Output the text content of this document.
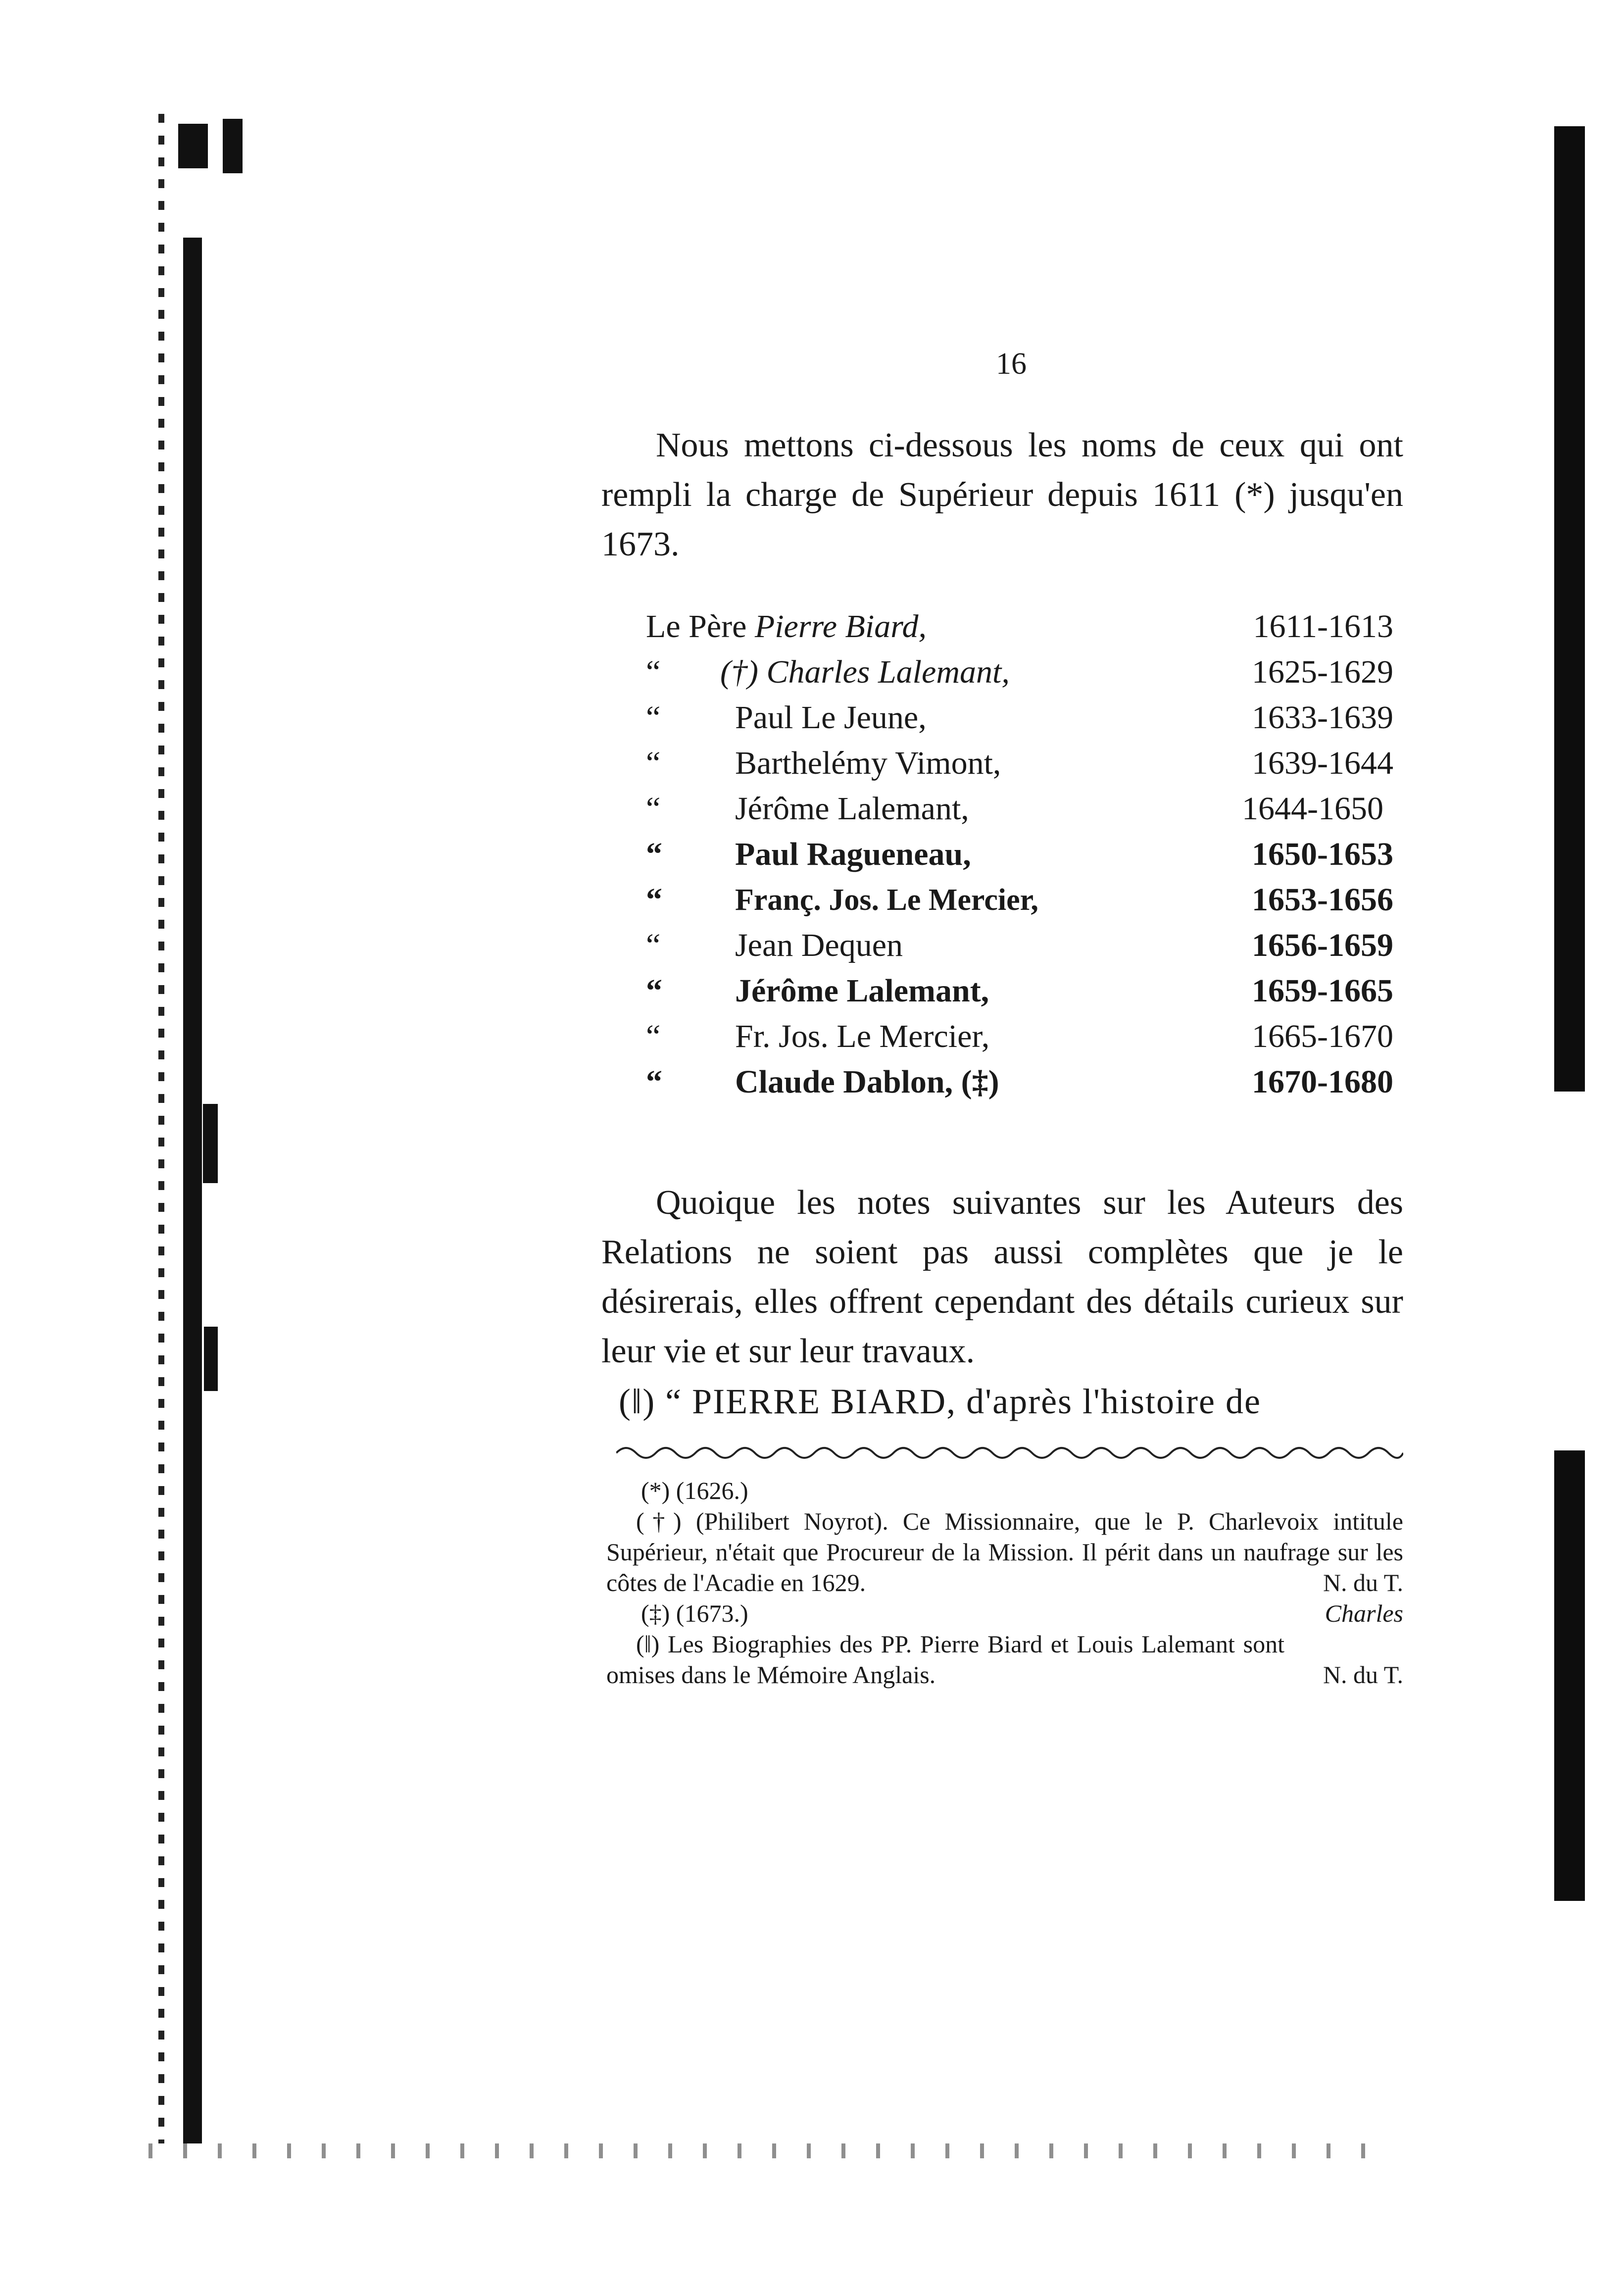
16

Nous mettons ci-dessous les noms de ceux qui ont rempli la charge de Supérieur depuis 1611 (*) jusqu'en 1673.

Le Père Pierre Biard,	1611-1613
“ (†) Charles Lalemant,	1625-1629
“ Paul Le Jeune,	1633-1639
“ Barthelémy Vimont,	1639-1644
“ Jérôme Lalemant,	1644-1650
“ Paul Ragueneau,	1650-1653
“ Franç. Jos. Le Mercier,	1653-1656
“ Jean Dequen	1656-1659
“ Jérôme Lalemant,	1659-1665
“ Fr. Jos. Le Mercier,	1665-1670
“ Claude Dablon, (‡)	1670-1680

Quoique les notes suivantes sur les Auteurs des Relations ne soient pas aussi complètes que je le désirerais, elles offrent cependant des détails curieux sur leur vie et sur leur travaux.

(‖) “ PIERRE BIARD, d'après l'histoire de

(*) (1626.)

(†) (Philibert Noyrot). Ce Missionnaire, que le P. Charlevoix intitule Supérieur, n'était que Procureur de la Mission. Il périt dans un naufrage sur les côtes de l'Acadie en 1629.	N. du T.

(‡) (1673.)	Charles

(‖) Les Biographies des PP. Pierre Biard et Louis Lalemant sont omises dans le Mémoire Anglais.	N. du T.
